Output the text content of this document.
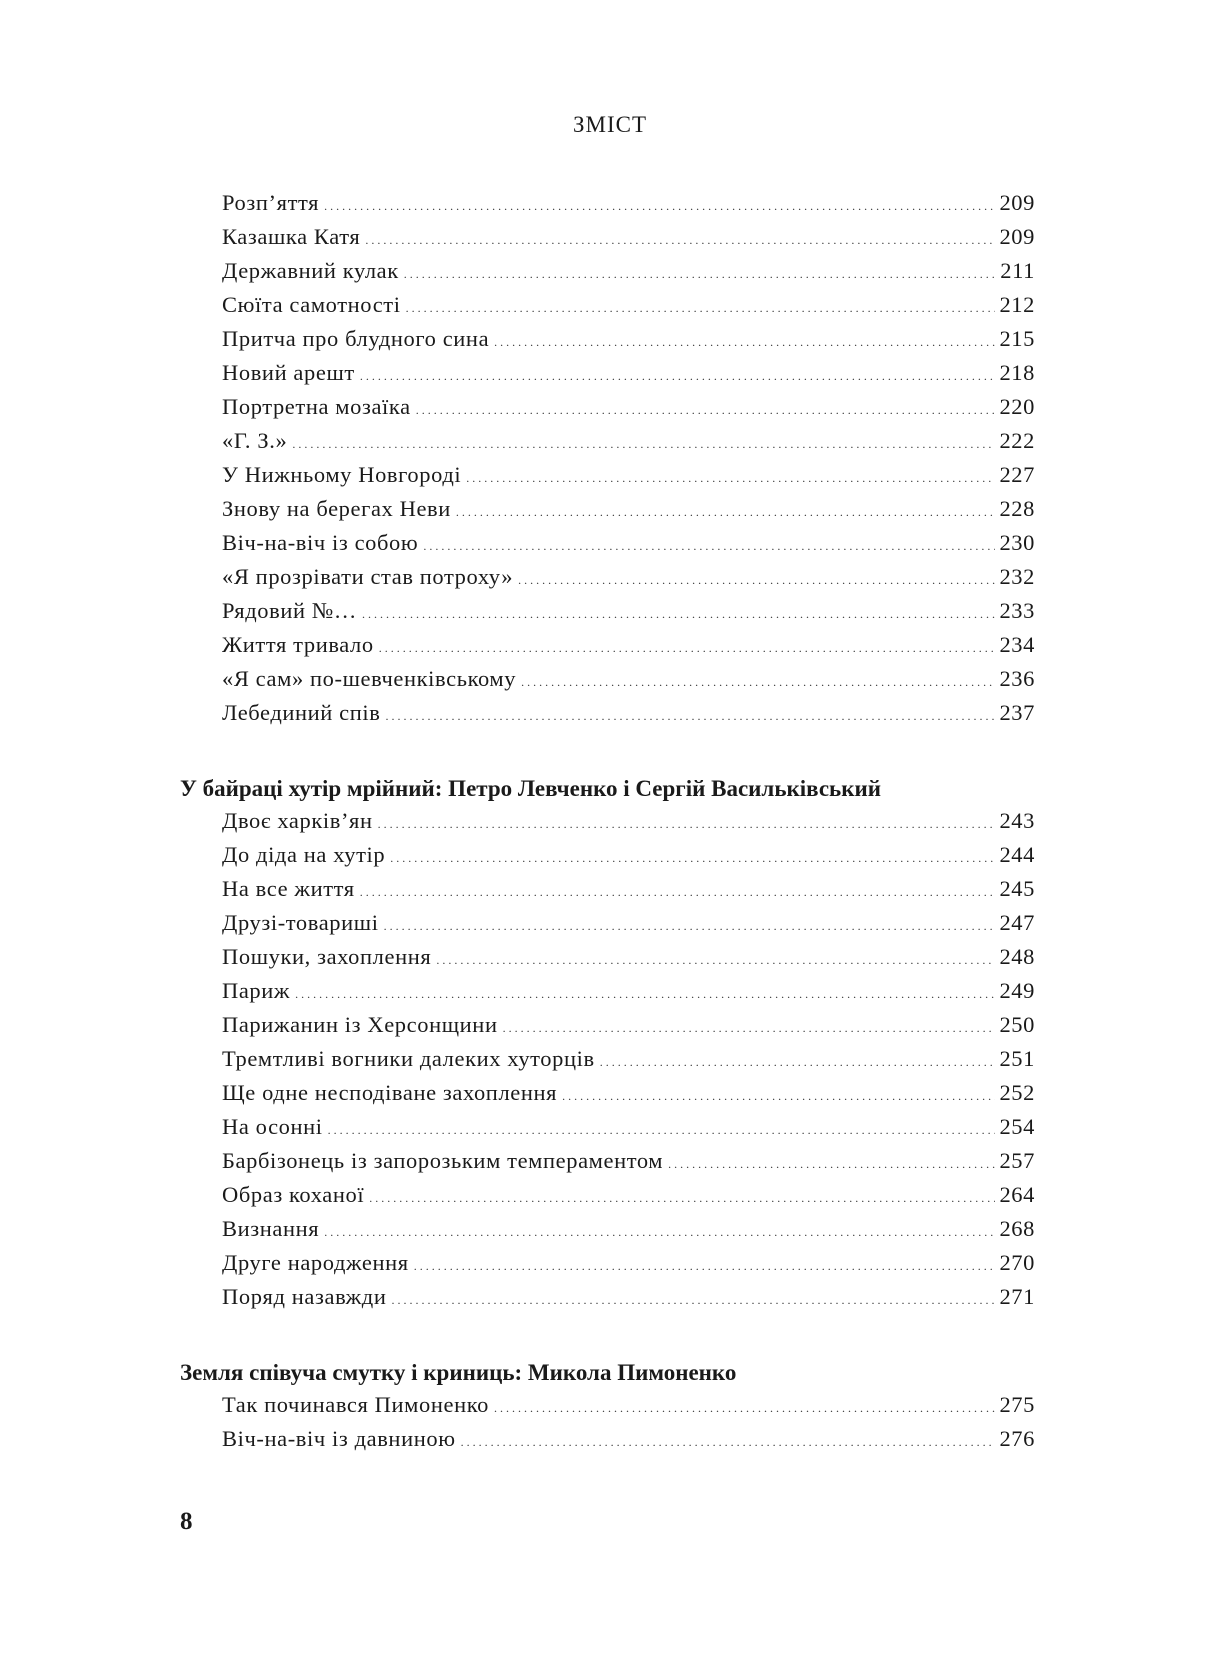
ЗМІСТ
Розп’яття . . .	209
Казашка Катя . . .	209
Державний кулак . . .	211
Сюїта самотності . . .	212
Притча про блудного сина . . .	215
Новий арешт . . .	218
Портретна мозаїка . . .	220
«Г. З.» . . .	222
У Нижньому Новгороді . . .	227
Знову на берегах Неви . . .	228
Віч-на-віч із собою . . .	230
«Я прозрівати став потроху» . . .	232
Рядовий №… . . .	233
Життя тривало . . .	234
«Я сам» по-шевченківському . . .	236
Лебединий спів . . .	237
У байраці хутір мрійний: Петро Левченко і Сергій Васильківський
Двоє харків’ян . . .	243
До діда на хутір . . .	244
На все життя . . .	245
Друзі-товариші . . .	247
Пошуки, захоплення . . .	248
Париж . . .	249
Парижанин із Херсонщини . . .	250
Тремтливі вогники далеких хуторців . . .	251
Ще одне несподіване захоплення . . .	252
На осонні . . .	254
Барбізонець із запорозьким темпераментом . . .	257
Образ коханої . . .	264
Визнання . . .	268
Друге народження . . .	270
Поряд назавжди . . .	271
Земля співуча смутку і криниць: Микола Пимоненко
Так починався Пимоненко . . .	275
Віч-на-віч із давниною . . .	276
8
